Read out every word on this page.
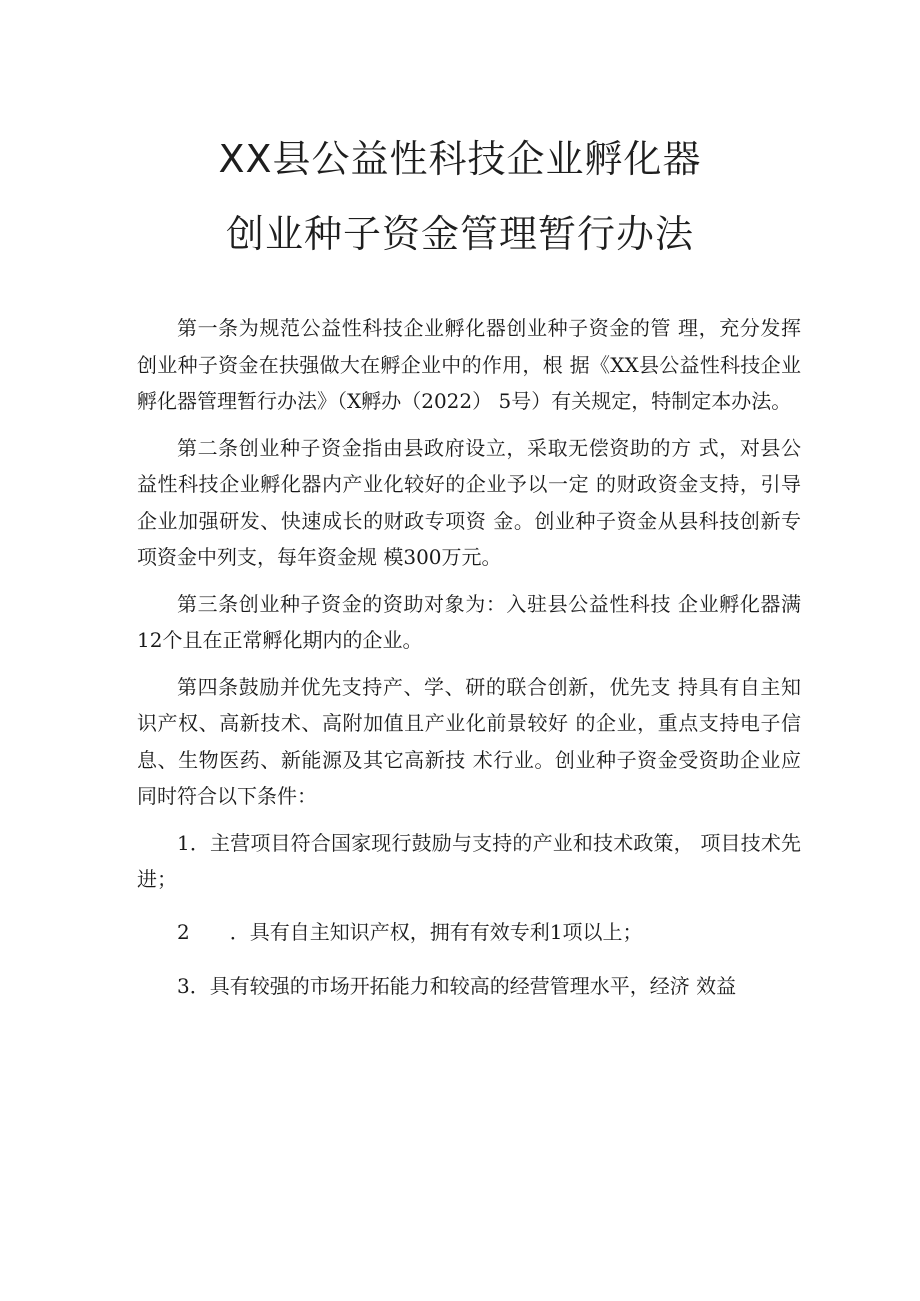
XX县公益性科技企业孵化器
创业种子资金管理暂行办法

第一条为规范公益性科技企业孵化器创业种子资金的管 理，充分发挥创业种子资金在扶强做大在孵企业中的作用，根 据《XX县公益性科技企业孵化器管理暂行办法》（X孵办（2022） 5号）有关规定，特制定本办法。

第二条创业种子资金指由县政府设立，采取无偿资助的方 式，对县公益性科技企业孵化器内产业化较好的企业予以一定 的财政资金支持，引导企业加强研发、快速成长的财政专项资 金。创业种子资金从县科技创新专项资金中列支，每年资金规 模300万元。

第三条创业种子资金的资助对象为：入驻县公益性科技 企业孵化器满12个且在正常孵化期内的企业。

第四条鼓励并优先支持产、学、研的联合创新，优先支 持具有自主知识产权、高新技术、高附加值且产业化前景较好 的企业，重点支持电子信息、生物医药、新能源及其它高新技 术行业。创业种子资金受资助企业应同时符合以下条件：

1．主营项目符合国家现行鼓励与支持的产业和技术政策， 项目技术先进；

2　　．具有自主知识产权，拥有有效专利1项以上；

3．具有较强的市场开拓能力和较高的经营管理水平，经济 效益
